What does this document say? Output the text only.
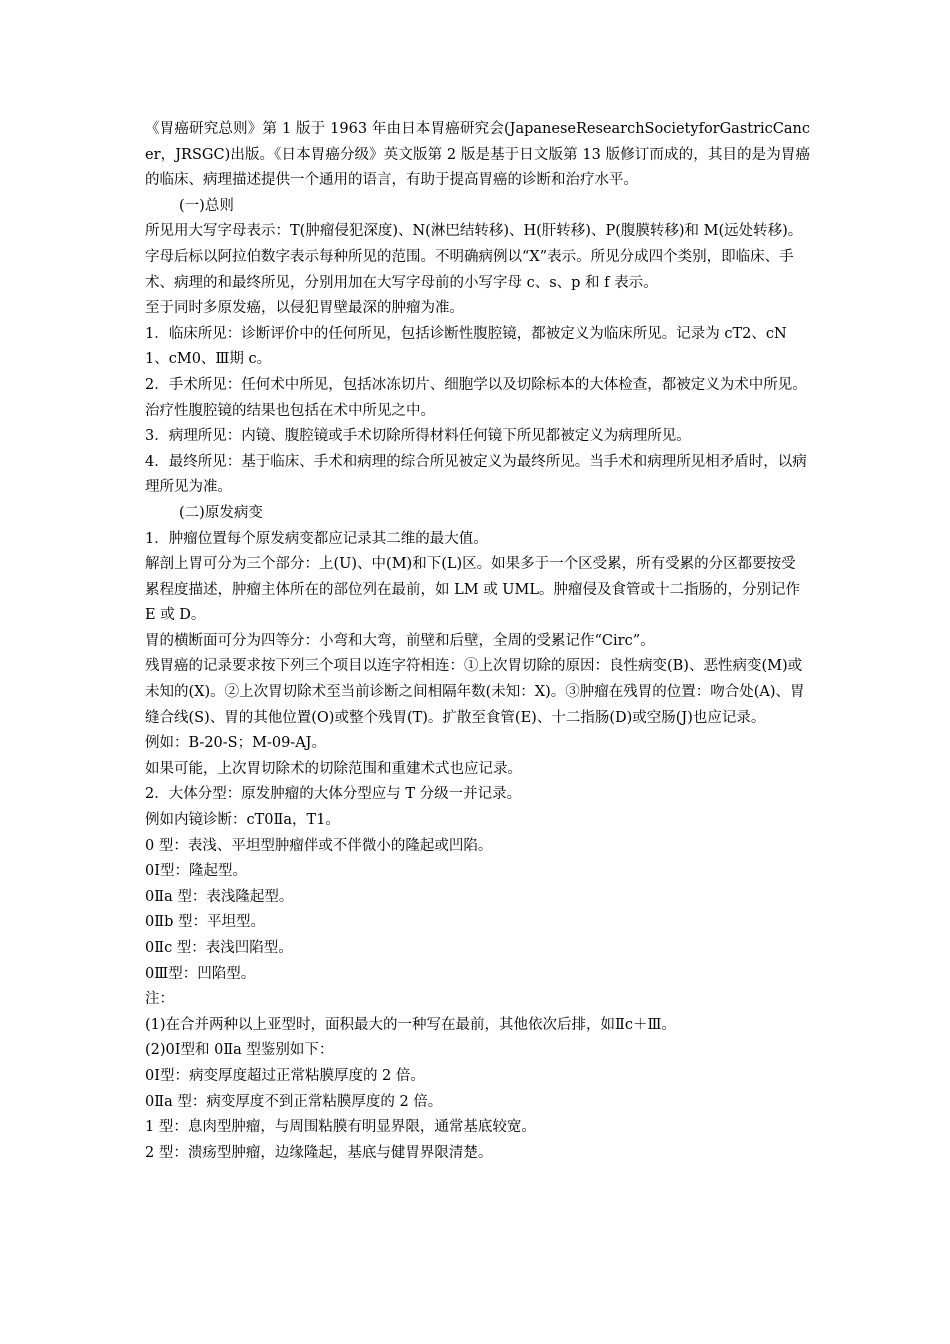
《胃癌研究总则》第 1 版于 1963 年由日本胃癌研究会(JapaneseResearchSocietyforGastricCancer，JRSGC)出版。《日本胃癌分级》英文版第 2 版是基于日文版第 13 版修订而成的，其目的是为胃癌的临床、病理描述提供一个通用的语言，有助于提高胃癌的诊断和治疗水平。

(一)总则

所见用大写字母表示：T(肿瘤侵犯深度)、N(淋巴结转移)、H(肝转移)、P(腹膜转移)和 M(远处转移)。字母后标以阿拉伯数字表示每种所见的范围。不明确病例以“X”表示。所见分成四个类别，即临床、手术、病理的和最终所见，分别用加在大写字母前的小写字母 c、s、p 和 f 表示。

至于同时多原发癌，以侵犯胃壁最深的肿瘤为准。

1．临床所见：诊断评价中的任何所见，包括诊断性腹腔镜，都被定义为临床所见。记录为 cT2、cN1、cM0、Ⅲ期 c。

2．手术所见：任何术中所见，包括冰冻切片、细胞学以及切除标本的大体检查，都被定义为术中所见。治疗性腹腔镜的结果也包括在术中所见之中。

3．病理所见：内镜、腹腔镜或手术切除所得材料任何镜下所见都被定义为病理所见。

4．最终所见：基于临床、手术和病理的综合所见被定义为最终所见。当手术和病理所见相矛盾时，以病理所见为准。

(二)原发病变

1．肿瘤位置每个原发病变都应记录其二维的最大值。

解剖上胃可分为三个部分：上(U)、中(M)和下(L)区。如果多于一个区受累，所有受累的分区都要按受累程度描述，肿瘤主体所在的部位列在最前，如 LM 或 UML。肿瘤侵及食管或十二指肠的，分别记作 E 或 D。

胃的横断面可分为四等分：小弯和大弯，前壁和后壁，全周的受累记作“Circ”。

残胃癌的记录要求按下列三个项目以连字符相连：①上次胃切除的原因：良性病变(B)、恶性病变(M)或未知的(X)。②上次胃切除术至当前诊断之间相隔年数(未知：X)。③肿瘤在残胃的位置：吻合处(A)、胃缝合线(S)、胃的其他位置(O)或整个残胃(T)。扩散至食管(E)、十二指肠(D)或空肠(J)也应记录。

例如：B-20-S；M-09-AJ。

如果可能，上次胃切除术的切除范围和重建术式也应记录。

2．大体分型：原发肿瘤的大体分型应与 T 分级一并记录。

例如内镜诊断：cT0Ⅱa，T1。

0 型：表浅、平坦型肿瘤伴或不伴微小的隆起或凹陷。

0Ⅰ型：隆起型。

0Ⅱa 型：表浅隆起型。

0Ⅱb 型：平坦型。

0Ⅱc 型：表浅凹陷型。

0Ⅲ型：凹陷型。

注：

(1)在合并两种以上亚型时，面积最大的一种写在最前，其他依次后排，如Ⅱc＋Ⅲ。

(2)0Ⅰ型和 0Ⅱa 型鉴别如下：

0Ⅰ型：病变厚度超过正常粘膜厚度的 2 倍。

0Ⅱa 型：病变厚度不到正常粘膜厚度的 2 倍。

1 型：息肉型肿瘤，与周围粘膜有明显界限，通常基底较宽。

2 型：溃疡型肿瘤，边缘隆起，基底与健胃界限清楚。
